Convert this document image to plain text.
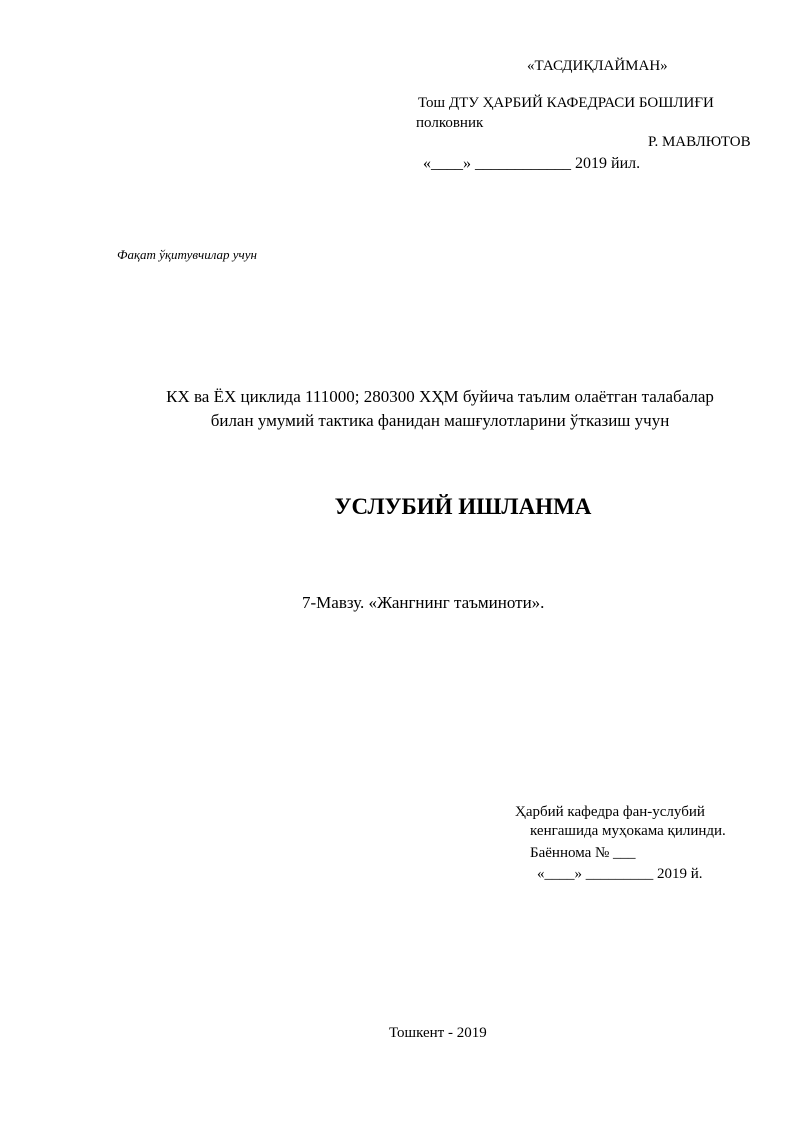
«ТАСДИҚЛАЙМАН»
Тош ДТУ ҲАРБИЙ КАФЕДРАСИ БОШЛИҒИ
полковник
Р. МАВЛЮТОВ
«____» ____________ 2019 йил.
Фақат ўқитувчилар учун
КХ ва ЁХ циклида 111000; 280300 ХҲМ буйича таълим олаётган талабалар
билан умумий тактика фанидан машғулотларини ўтказиш учун
УСЛУБИЙ ИШЛАНМА
7-Мавзу. «Жангнинг таъминоти».
Ҳарбий кафедра фан-услубий
кенгашида муҳокама қилинди.
Баённома № ___
«____» _________ 2019 й.
Тошкент - 2019
